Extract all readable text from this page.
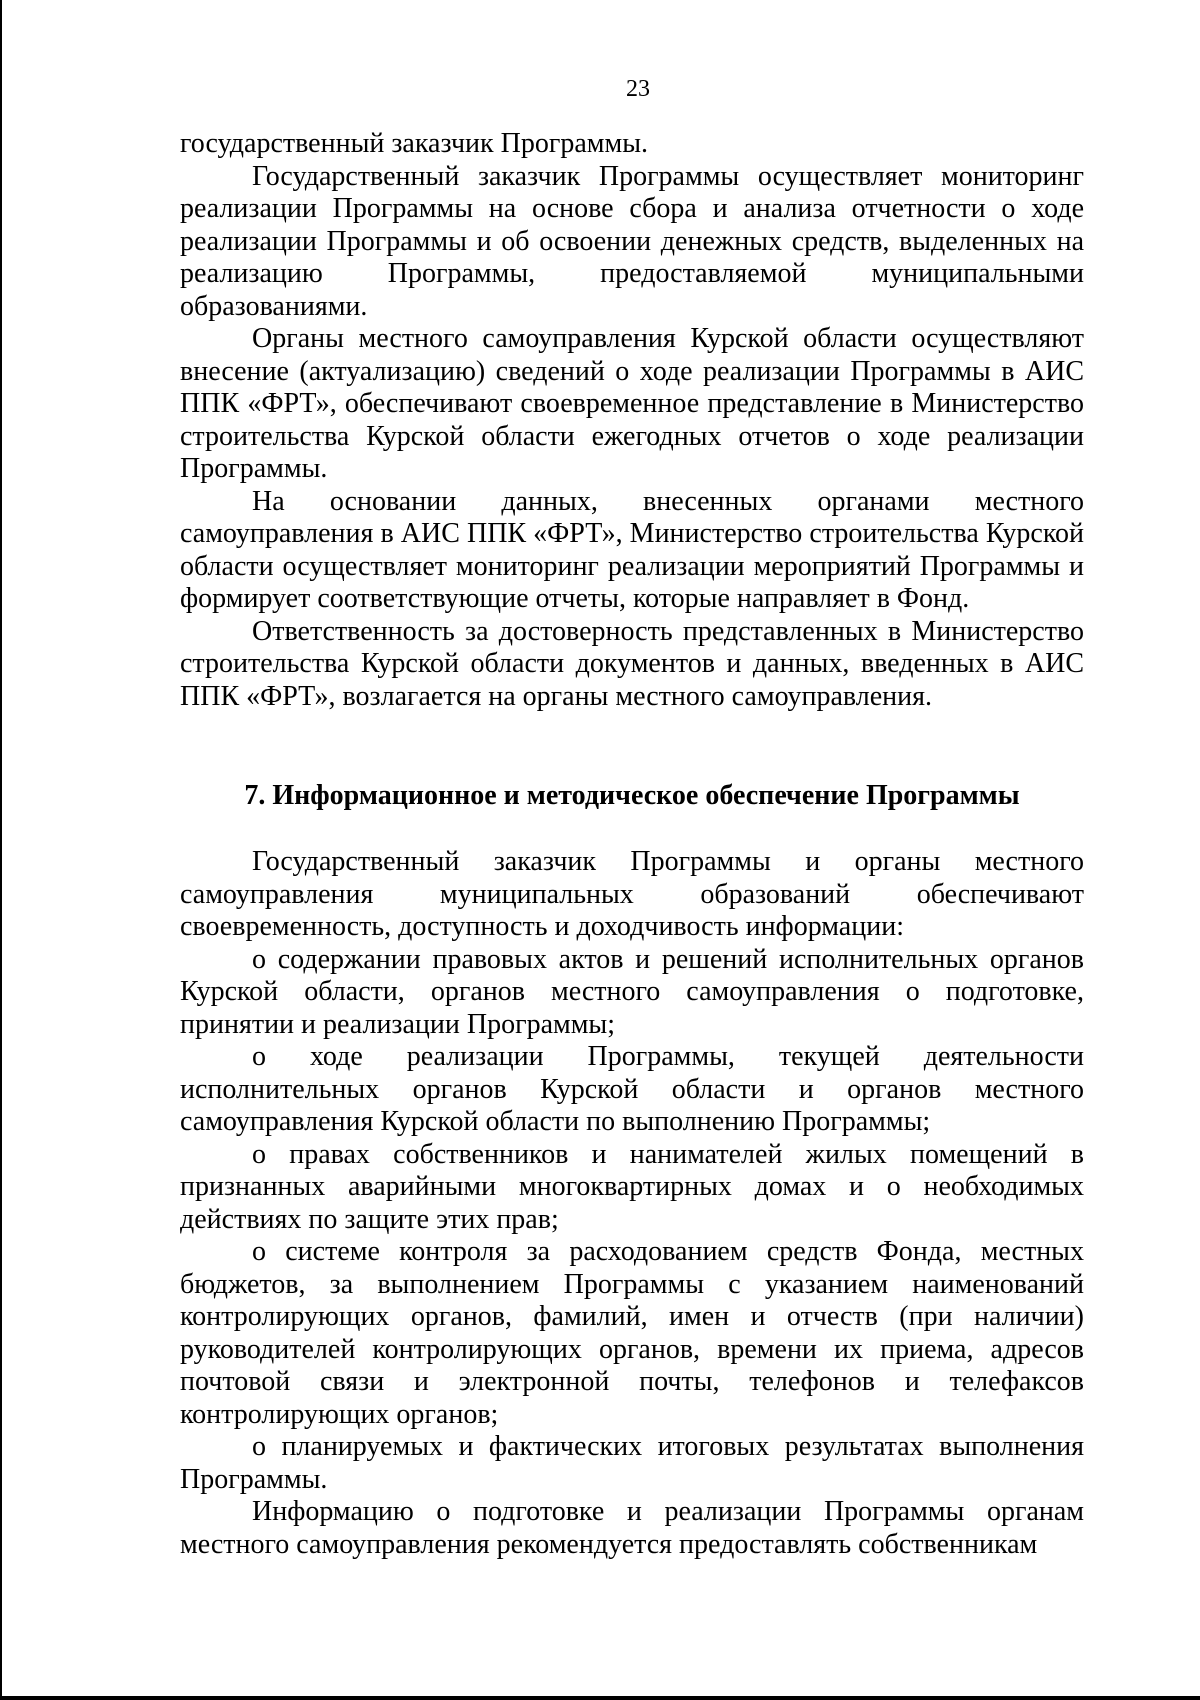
23

государственный заказчик Программы.

Государственный заказчик Программы осуществляет мониторинг реализации Программы на основе сбора и анализа отчетности о ходе реализации Программы и об освоении денежных средств, выделенных на реализацию Программы, предоставляемой муниципальными образованиями.

Органы местного самоуправления Курской области осуществляют внесение (актуализацию) сведений о ходе реализации Программы в АИС ППК «ФРТ», обеспечивают своевременное представление в Министерство строительства Курской области ежегодных отчетов о ходе реализации Программы.

На основании данных, внесенных органами местного самоуправления в АИС ППК «ФРТ», Министерство строительства Курской области осуществляет мониторинг реализации мероприятий Программы и формирует соответствующие отчеты, которые направляет в Фонд.

Ответственность за достоверность представленных в Министерство строительства Курской области документов и данных, введенных в АИС ППК «ФРТ», возлагается на органы местного самоуправления.

7. Информационное и методическое обеспечение Программы

Государственный заказчик Программы и органы местного самоуправления муниципальных образований обеспечивают своевременность, доступность и доходчивость информации:

о содержании правовых актов и решений исполнительных органов Курской области, органов местного самоуправления о подготовке, принятии и реализации Программы;

о ходе реализации Программы, текущей деятельности исполнительных органов Курской области и органов местного самоуправления Курской области по выполнению Программы;

о правах собственников и нанимателей жилых помещений в признанных аварийными многоквартирных домах и о необходимых действиях по защите этих прав;

о системе контроля за расходованием средств Фонда, местных бюджетов, за выполнением Программы с указанием наименований контролирующих органов, фамилий, имен и отчеств (при наличии) руководителей контролирующих органов, времени их приема, адресов почтовой связи и электронной почты, телефонов и телефаксов контролирующих органов;

о планируемых и фактических итоговых результатах выполнения Программы.

Информацию о подготовке и реализации Программы органам местного самоуправления рекомендуется предоставлять собственникам
